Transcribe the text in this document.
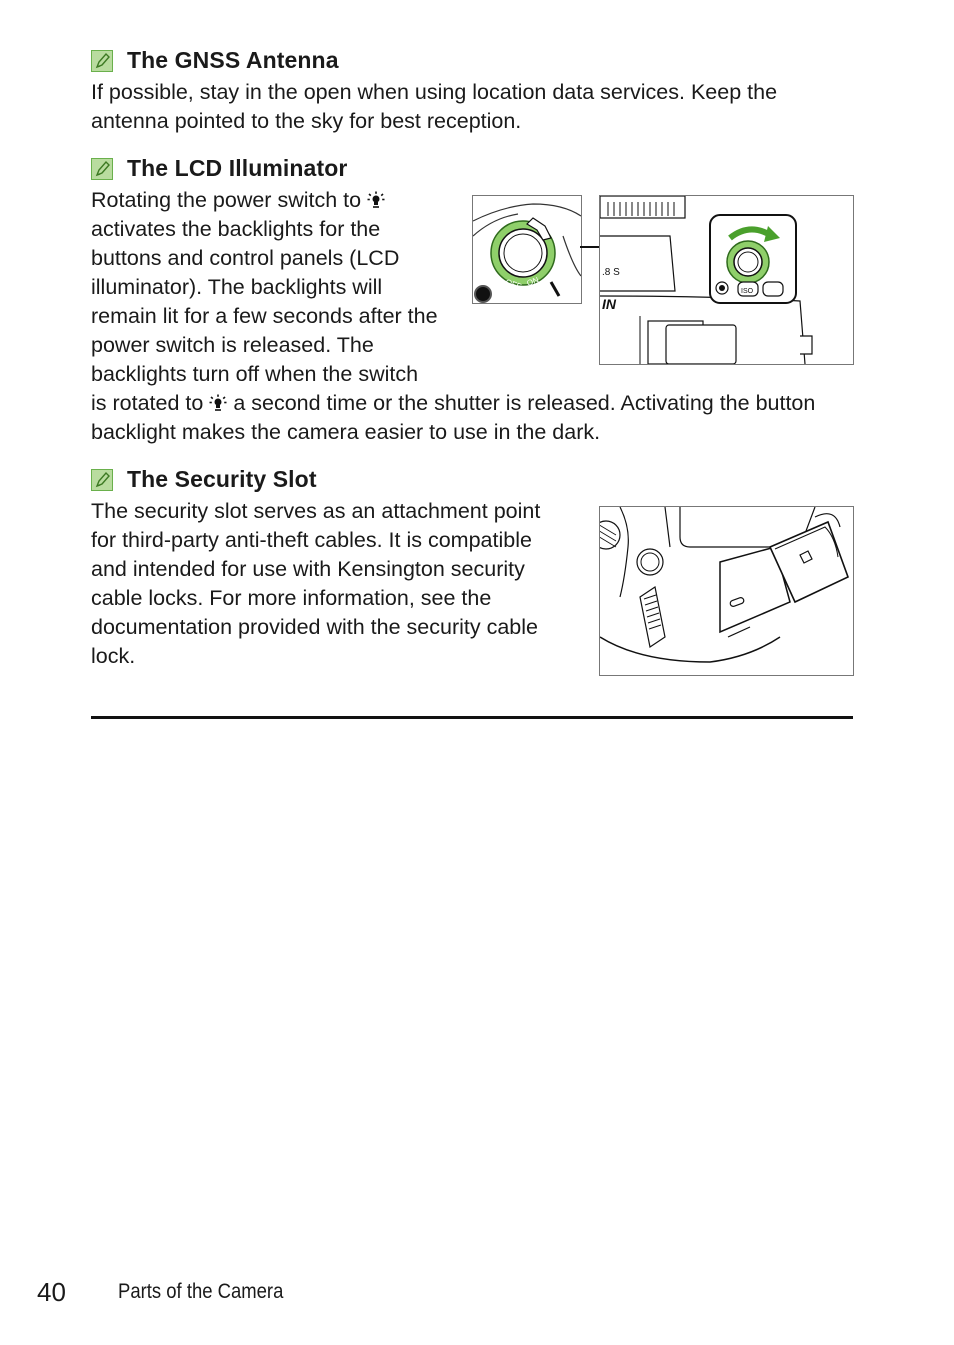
The GNSS Antenna
If possible, stay in the open when using location data services. Keep the
antenna pointed to the sky for best reception.
The LCD Illuminator
Rotating the power switch to
activates the backlights for the
buttons and control panels (LCD
illuminator). The backlights will
remain lit for a few seconds after the
power switch is released. The
backlights turn off when the switch
is rotated to a second time or the shutter is released. Activating the button
backlight makes the camera easier to use in the dark.
OFF ON
.8 S
IN
ISO
The Security Slot
The security slot serves as an attachment point
for third-party anti-theft cables. It is compatible
and intended for use with Kensington security
cable locks. For more information, see the
documentation provided with the security cable
lock.
40 Parts of the Camera
